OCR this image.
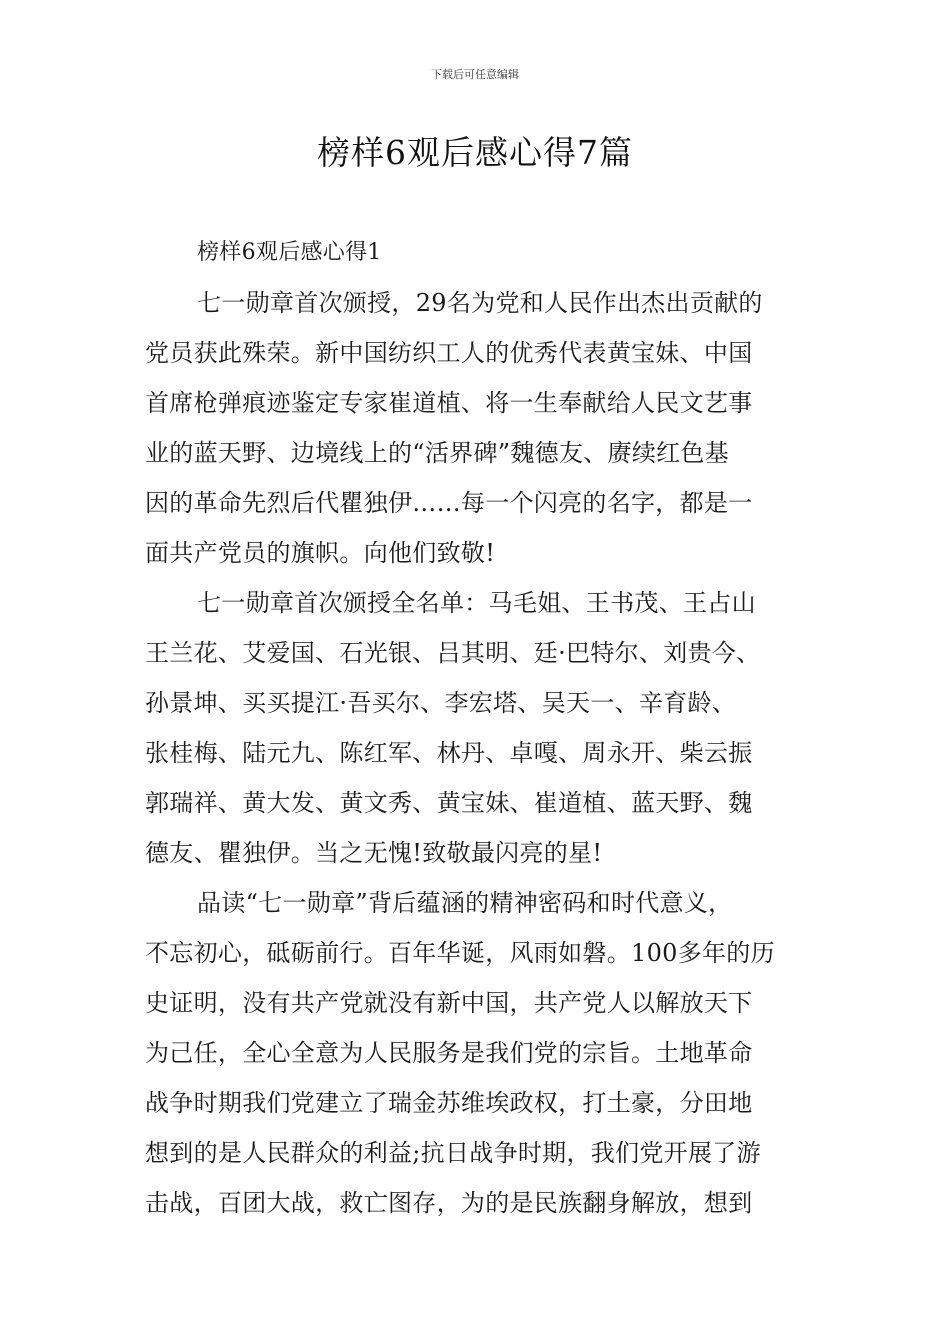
下载后可任意编辑
榜样6观后感心得7篇
榜样6观后感心得1
七一勋章首次颁授，29名为党和人民作出杰出贡献的
党员获此殊荣。新中国纺织工人的优秀代表黄宝妹、中国
首席枪弹痕迹鉴定专家崔道植、将一生奉献给人民文艺事
业的蓝天野、边境线上的“活界碑”魏德友、赓续红色基
因的革命先烈后代瞿独伊……每一个闪亮的名字，都是一
面共产党员的旗帜。向他们致敬!
七一勋章首次颁授全名单：马毛姐、王书茂、王占山
王兰花、艾爱国、石光银、吕其明、廷·巴特尔、刘贵今、
孙景坤、买买提江·吾买尔、李宏塔、吴天一、辛育龄、
张桂梅、陆元九、陈红军、林丹、卓嘎、周永开、柴云振
郭瑞祥、黄大发、黄文秀、黄宝妹、崔道植、蓝天野、魏
德友、瞿独伊。当之无愧!致敬最闪亮的星!
品读“七一勋章”背后蕴涵的精神密码和时代意义，
不忘初心，砥砺前行。百年华诞，风雨如磐。100多年的历
史证明，没有共产党就没有新中国，共产党人以解放天下
为己任，全心全意为人民服务是我们党的宗旨。土地革命
战争时期我们党建立了瑞金苏维埃政权，打土豪，分田地
想到的是人民群众的利益;抗日战争时期，我们党开展了游
击战，百团大战，救亡图存，为的是民族翻身解放，想到
